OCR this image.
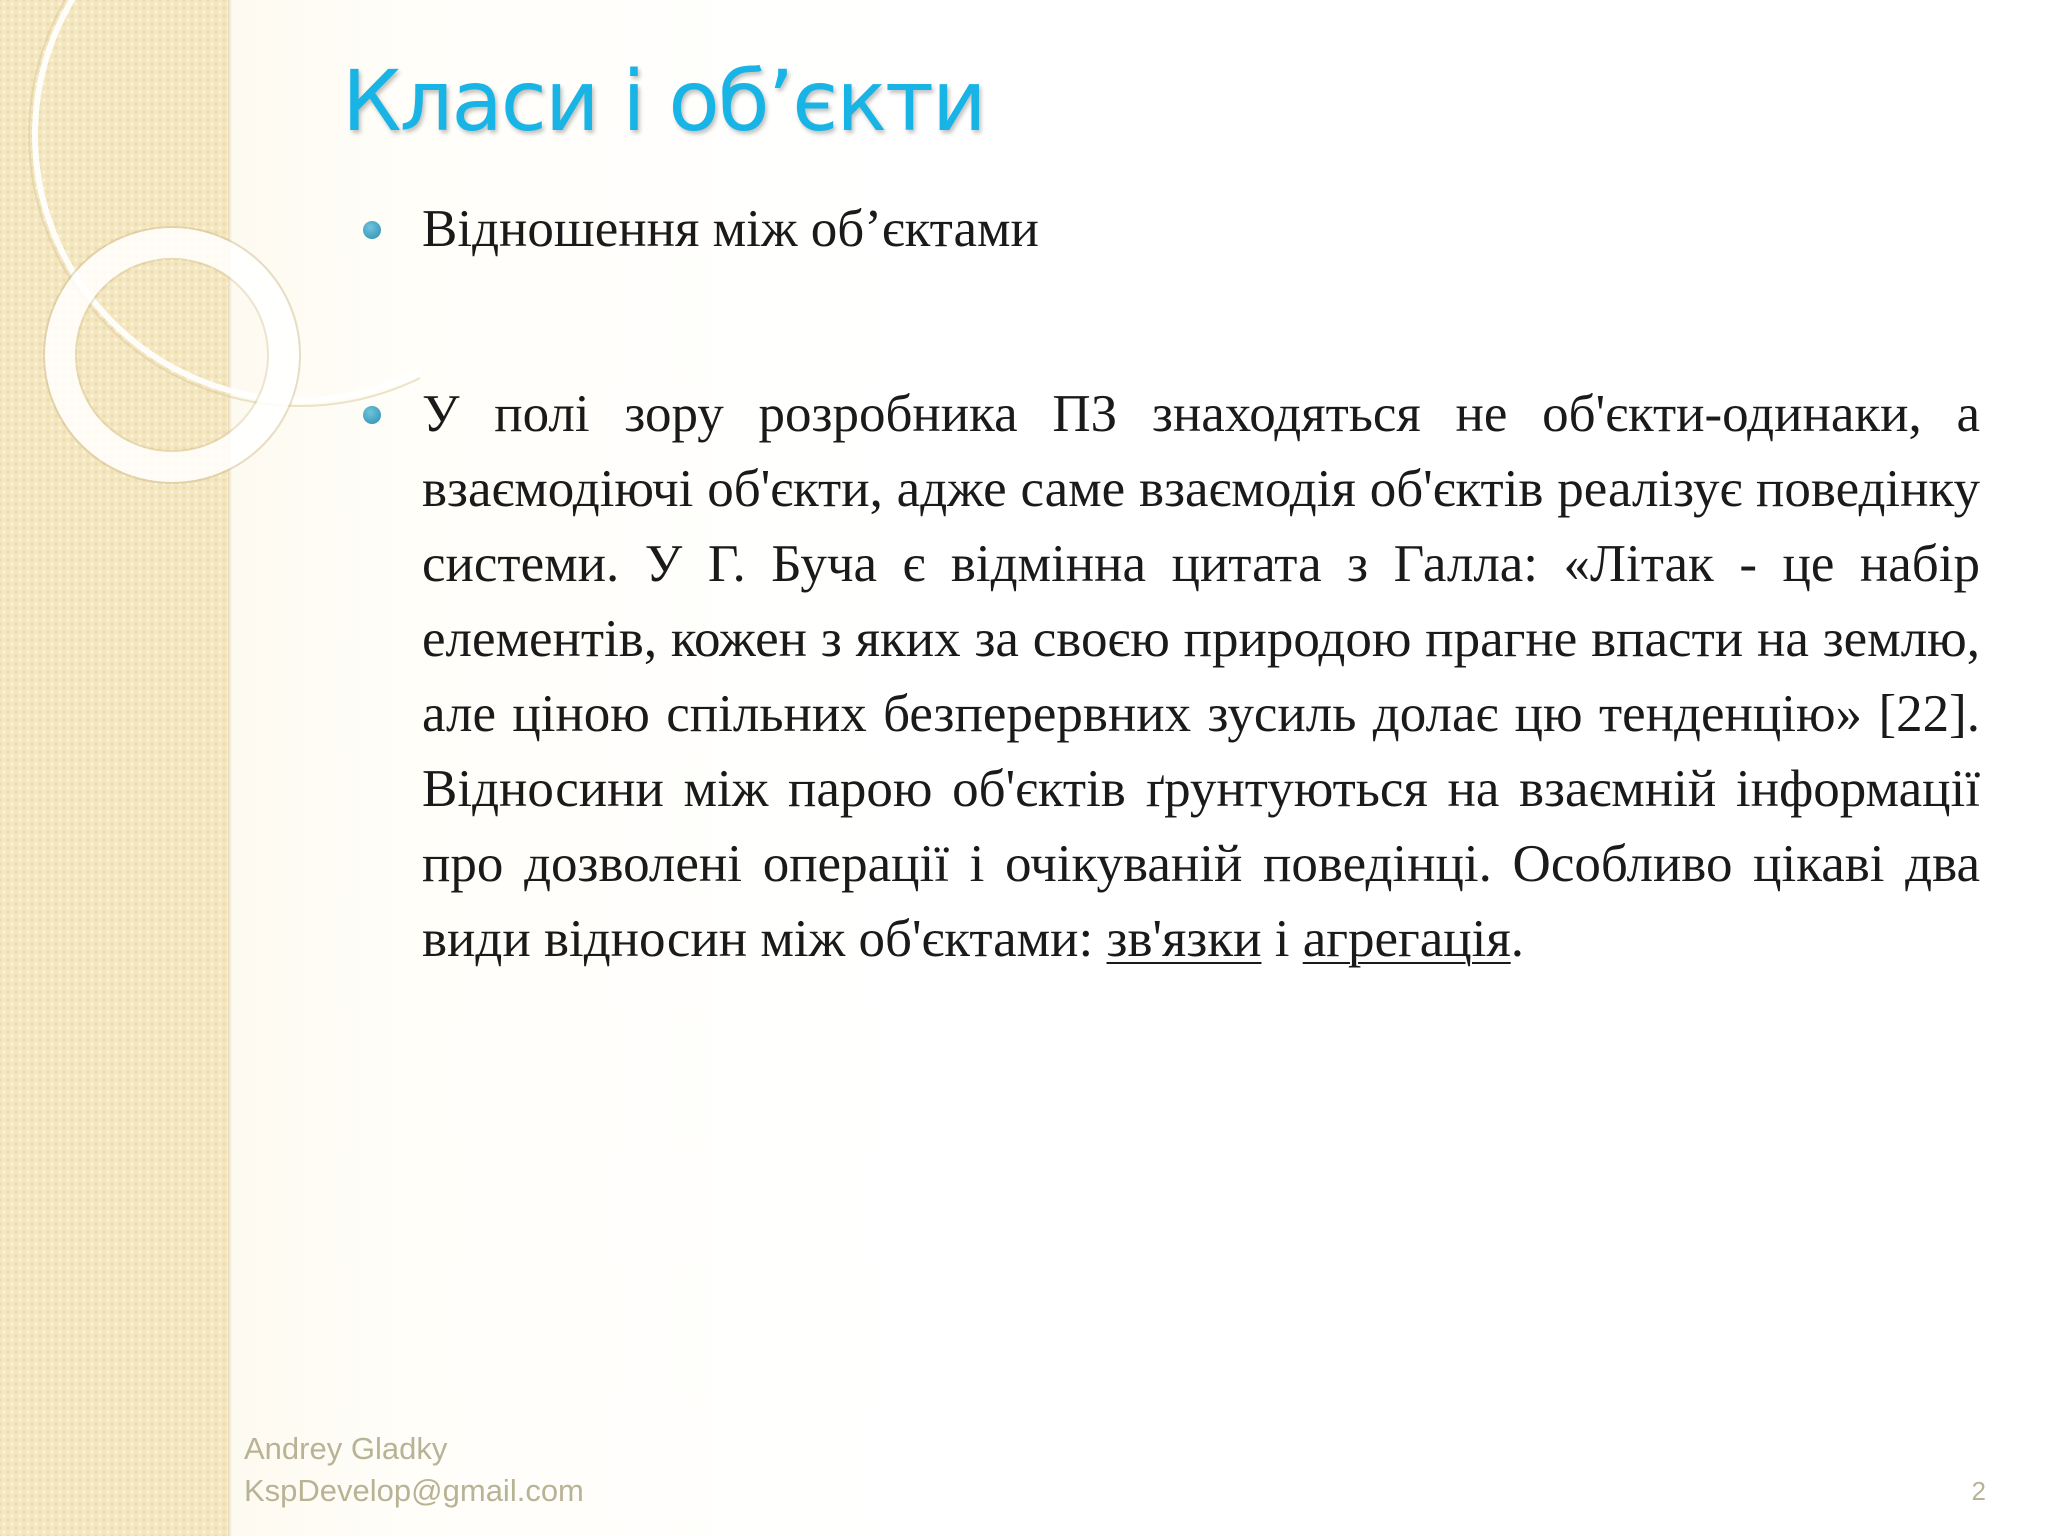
Класи і об’єкти
Відношення між об’єктами
У полі зору розробника ПЗ знаходяться не об'єкти-одинаки, а взаємодіючі об'єкти, адже саме взаємодія об'єктів реалізує поведінку системи. У Г. Буча є відмінна цитата з Галла: «Літак - це набір елементів, кожен з яких за своєю природою прагне впасти на землю, але ціною спільних безперервних зусиль долає цю тенденцію» [22]. Відносини між парою об'єктів ґрунтуються на взаємній інформації про дозволені операції і очікуваній поведінці. Особливо цікаві два види відносин між об'єктами: зв'язки і агрегація.
Andrey Gladky
KspDevelop@gmail.com	2
